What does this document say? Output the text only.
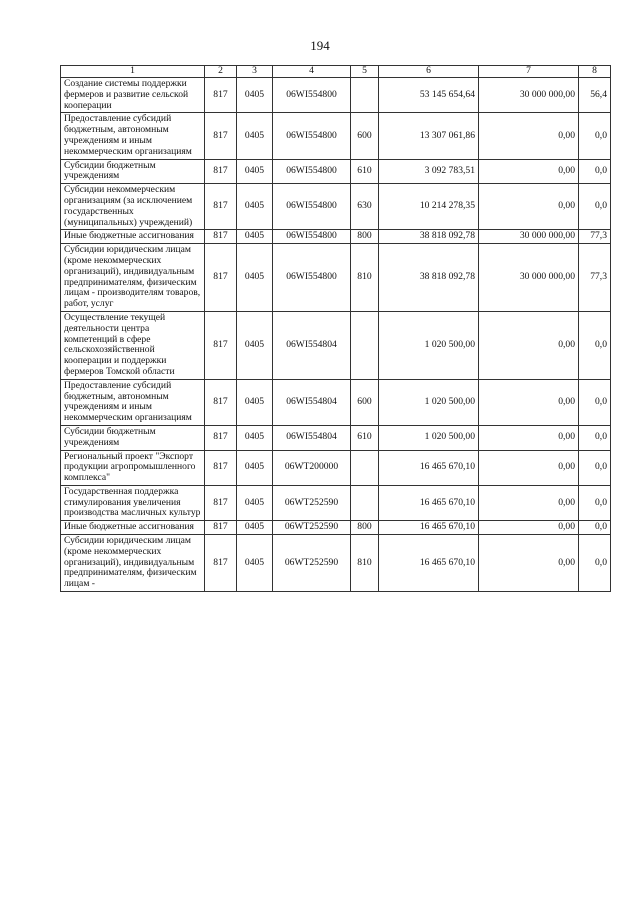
194
1	2	3	4	5	6	7	8
Создание системы поддержки фермеров и развитие сельской кооперации	817	0405	06WI554800		53 145 654,64	30 000 000,00	56,4
Предоставление субсидий бюджетным, автономным учреждениям и иным некоммерческим организациям	817	0405	06WI554800	600	13 307 061,86	0,00	0,0
Субсидии бюджетным учреждениям	817	0405	06WI554800	610	3 092 783,51	0,00	0,0
Субсидии некоммерческим организациям (за исключением государственных (муниципальных) учреждений)	817	0405	06WI554800	630	10 214 278,35	0,00	0,0
Иные бюджетные ассигнования	817	0405	06WI554800	800	38 818 092,78	30 000 000,00	77,3
Субсидии юридическим лицам (кроме некоммерческих организаций), индивидуальным предпринимателям, физическим лицам - производителям товаров, работ, услуг	817	0405	06WI554800	810	38 818 092,78	30 000 000,00	77,3
Осуществление текущей деятельности центра компетенций в сфере сельскохозяйственной кооперации и поддержки фермеров Томской области	817	0405	06WI554804		1 020 500,00	0,00	0,0
Предоставление субсидий бюджетным, автономным учреждениям и иным некоммерческим организациям	817	0405	06WI554804	600	1 020 500,00	0,00	0,0
Субсидии бюджетным учреждениям	817	0405	06WI554804	610	1 020 500,00	0,00	0,0
Региональный проект "Экспорт продукции агропромышленного комплекса"	817	0405	06WT200000		16 465 670,10	0,00	0,0
Государственная поддержка стимулирования увеличения производства масличных культур	817	0405	06WT252590		16 465 670,10	0,00	0,0
Иные бюджетные ассигнования	817	0405	06WT252590	800	16 465 670,10	0,00	0,0
Субсидии юридическим лицам (кроме некоммерческих организаций), индивидуальным предпринимателям, физическим лицам -	817	0405	06WT252590	810	16 465 670,10	0,00	0,0
